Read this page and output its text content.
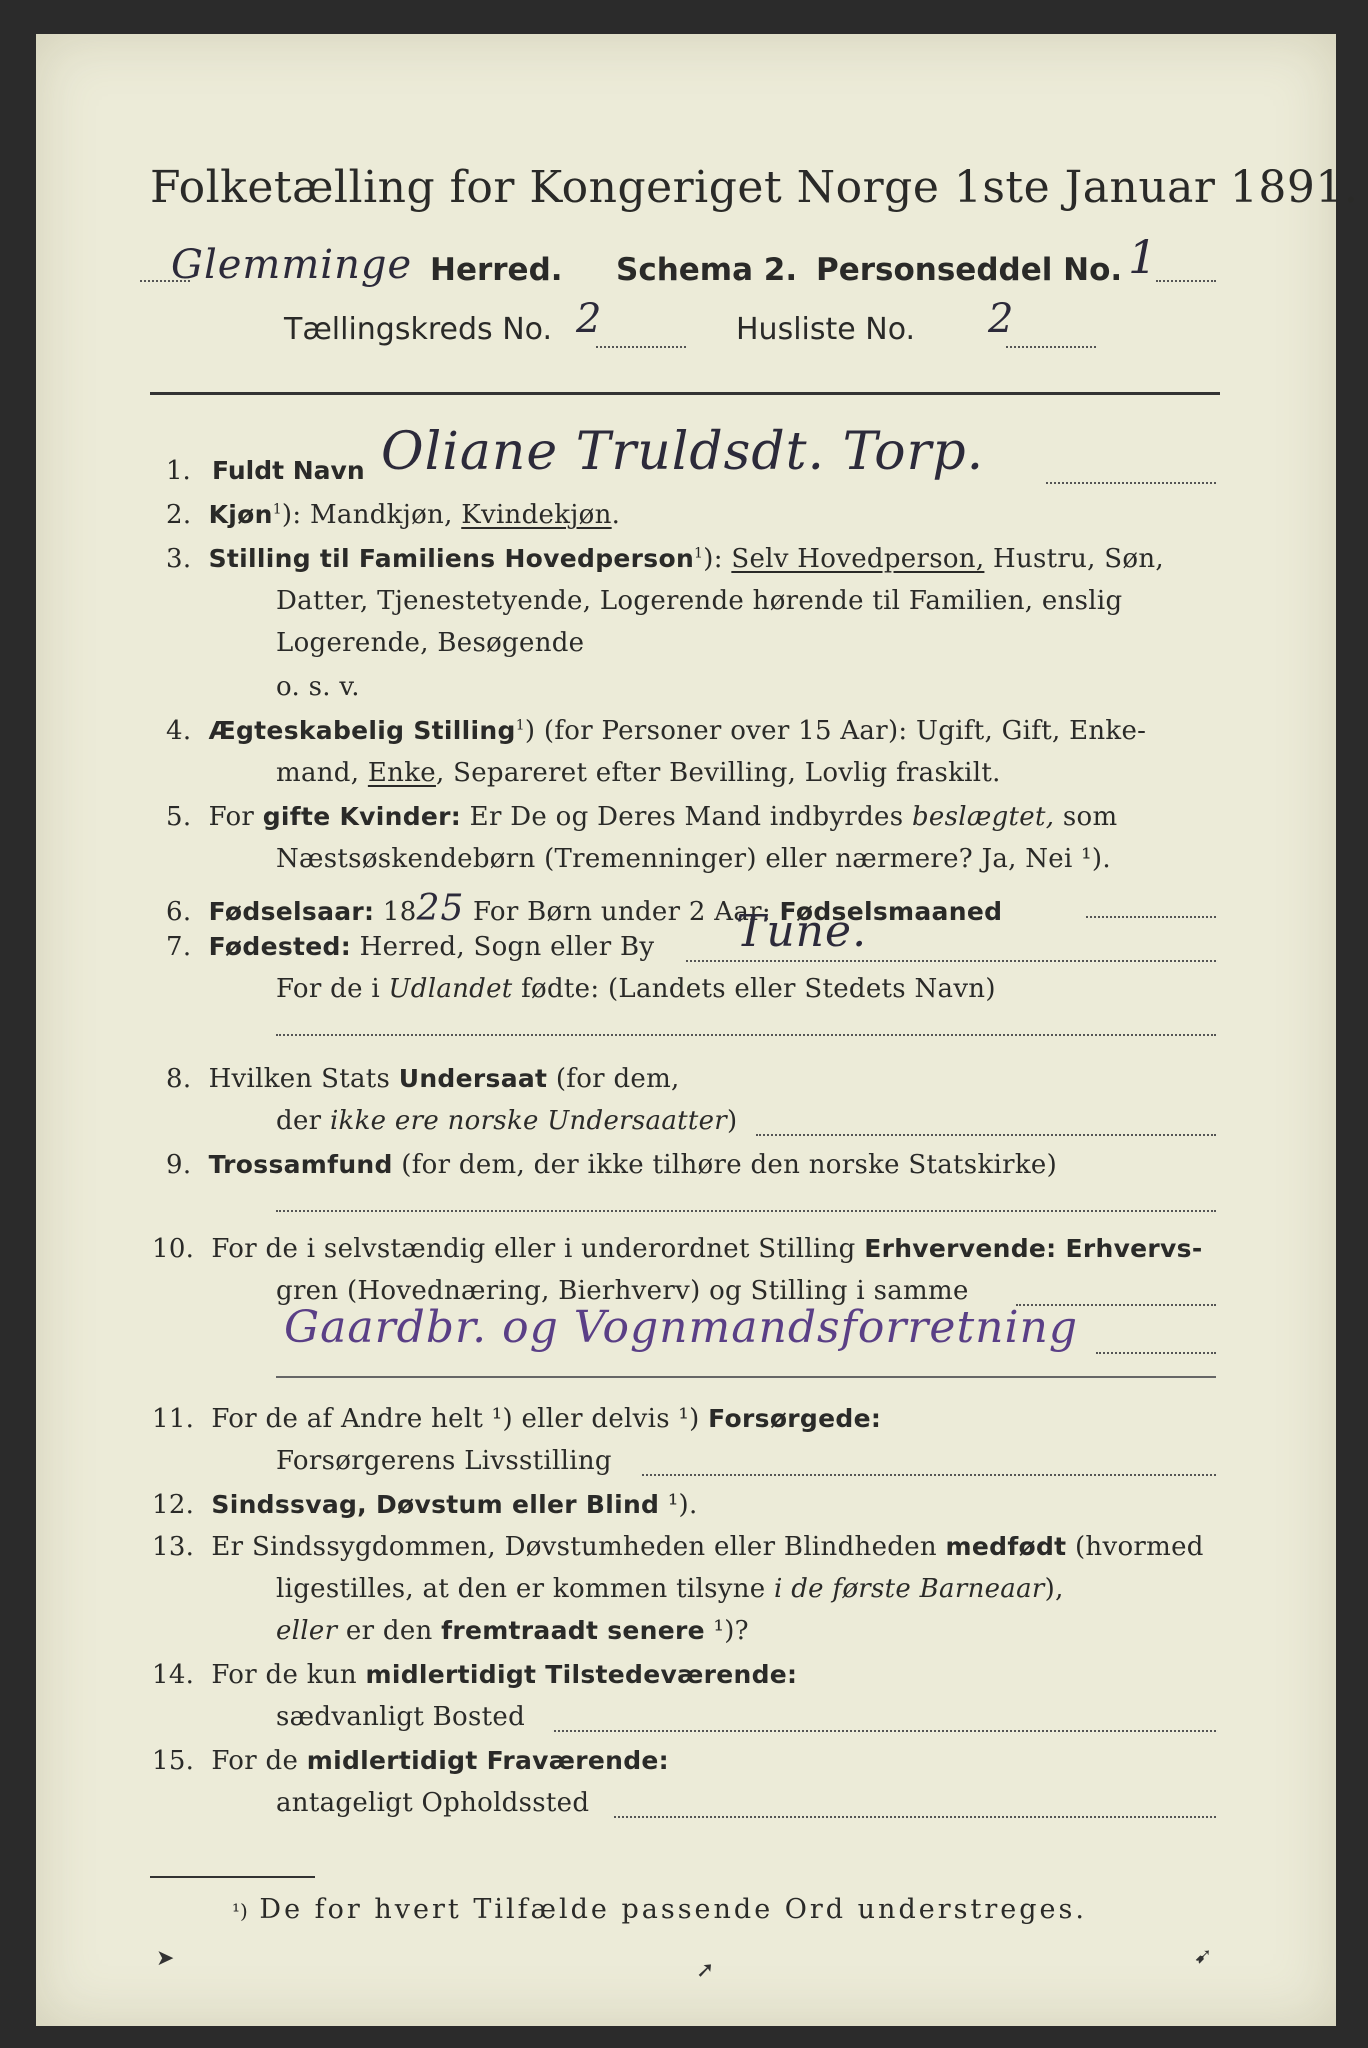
Folketælling for Kongeriget Norge 1ste Januar 1891.
Glemminge Herred. Schema 2. Personseddel No. 1
Tællingskreds No. 2	Husliste No. 2
1. Fuldt Navn Oliane Truldsdt. Torp.
2. Kjøn$^1$): Mandkjøn, Kvindekjøn.
3. Stilling til Familiens Hovedperson$^1$): Selv Hovedperson, Hustru, Søn,
Datter, Tjenestetyende, Logerende hørende til Familien, enslig
Logerende, Besøgende
o. s. v.
4. Ægteskabelig Stilling$^1$) (for Personer over 15 Aar): Ugift, Gift, Enke-
mand, Enke, Separeret efter Bevilling, Lovlig fraskilt.
5. For gifte Kvinder: Er De og Deres Mand indbyrdes beslægtet, som
Næstsøskendebørn (Tremenninger) eller nærmere? Ja, Nei ¹).
6. Fødselsaar: 1825 For Børn under 2 Aar: Fødselsmaaned
7. Fødested: Herred, Sogn eller By Tune.
For de i Udlandet fødte: (Landets eller Stedets Navn)
8. Hvilken Stats Undersaat (for dem,
der ikke ere norske Undersaatter)
9. Trossamfund (for dem, der ikke tilhøre den norske Statskirke)
10. For de i selvstændig eller i underordnet Stilling Erhvervende: Erhvervs-
gren (Hovednæring, Bierhverv) og Stilling i samme
Gaardbr. og Vognmandsforretning
11. For de af Andre helt ¹) eller delvis ¹) Forsørgede:
Forsørgerens Livsstilling
12. Sindssvag, Døvstum eller Blind ¹).
13. Er Sindssygdommen, Døvstumheden eller Blindheden medfødt (hvormed
ligestilles, at den er kommen tilsyne i de første Barneaar),
eller er den fremtraadt senere ¹)?
14. For de kun midlertidigt Tilstedeværende:
sædvanligt Bosted
15. For de midlertidigt Fraværende:
antageligt Opholdssted
¹) De for hvert Tilfælde passende Ord understreges.
➤	➚
➹
